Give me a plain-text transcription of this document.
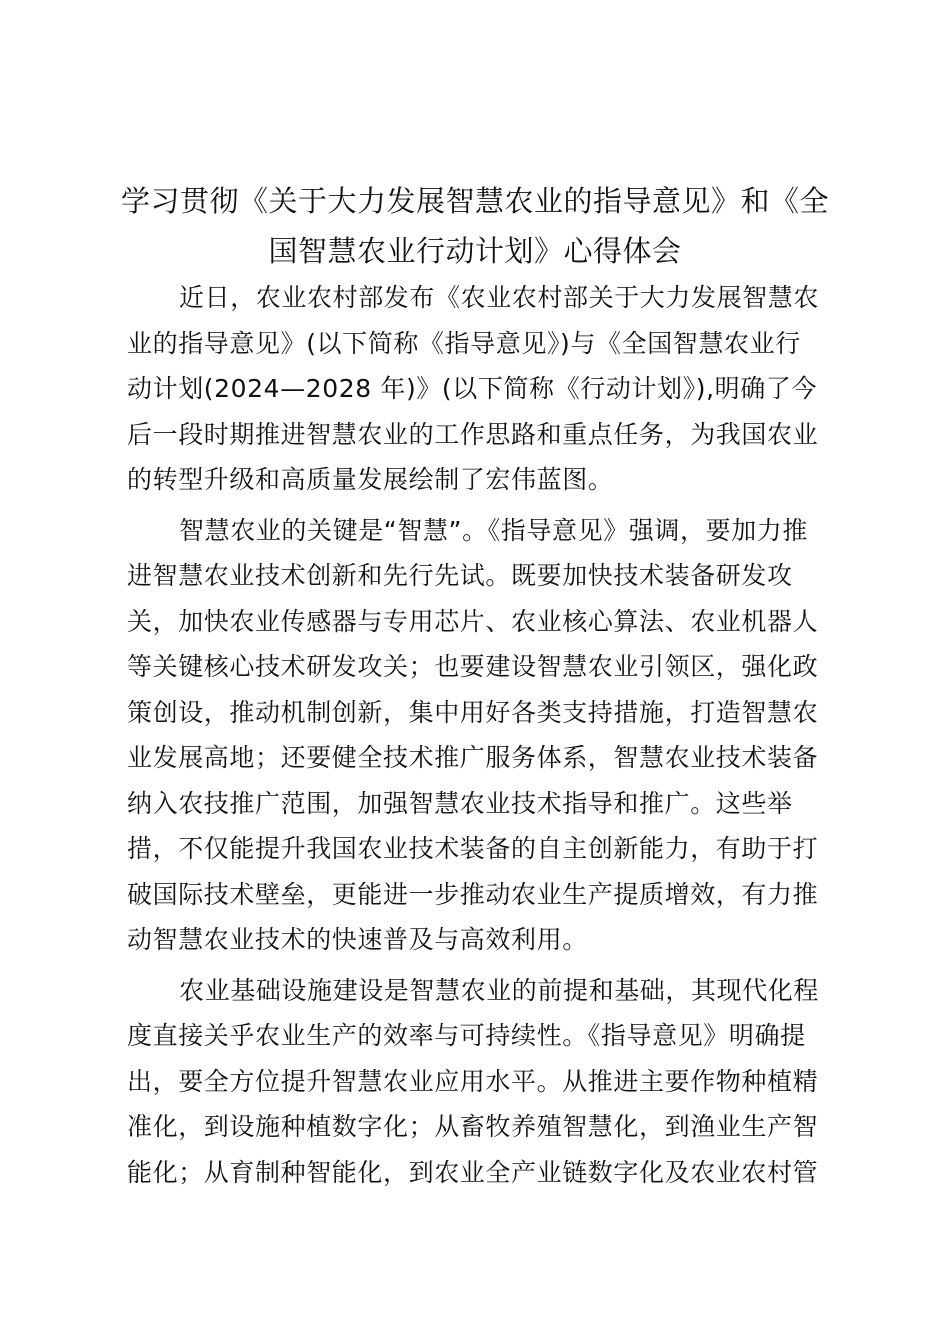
学习贯彻《关于大力发展智慧农业的指导意见》和《全
国智慧农业行动计划》心得体会

近日，农业农村部发布《农业农村部关于大力发展智慧农
业的指导意见》(以下简称《指导意见》)与《全国智慧农业行
动计划(2024—2028 年)》(以下简称《行动计划》),明确了今
后一段时期推进智慧农业的工作思路和重点任务，为我国农业
的转型升级和高质量发展绘制了宏伟蓝图。

智慧农业的关键是“智慧”。《指导意见》强调，要加力推
进智慧农业技术创新和先行先试。既要加快技术装备研发攻
关，加快农业传感器与专用芯片、农业核心算法、农业机器人
等关键核心技术研发攻关；也要建设智慧农业引领区，强化政
策创设，推动机制创新，集中用好各类支持措施，打造智慧农
业发展高地；还要健全技术推广服务体系，智慧农业技术装备
纳入农技推广范围，加强智慧农业技术指导和推广。这些举
措，不仅能提升我国农业技术装备的自主创新能力，有助于打
破国际技术壁垒，更能进一步推动农业生产提质增效，有力推
动智慧农业技术的快速普及与高效利用。

农业基础设施建设是智慧农业的前提和基础，其现代化程
度直接关乎农业生产的效率与可持续性。《指导意见》明确提
出，要全方位提升智慧农业应用水平。从推进主要作物种植精
准化，到设施种植数字化；从畜牧养殖智慧化，到渔业生产智
能化；从育制种智能化，到农业全产业链数字化及农业农村管
